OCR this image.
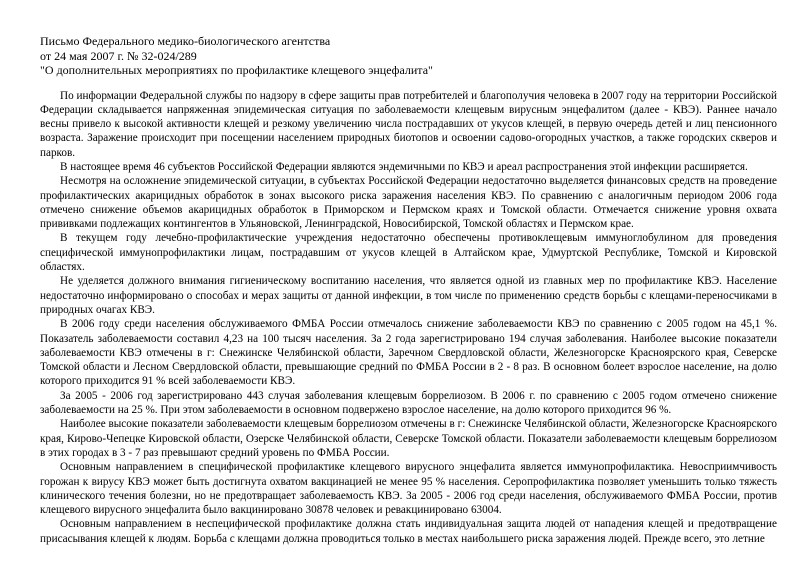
Письмо Федерального медико-биологического агентства
от 24 мая 2007 г. № 32-024/289
"О дополнительных мероприятиях по профилактике клещевого энцефалита"

По информации Федеральной службы по надзору в сфере защиты прав потребителей и благополучия человека в 2007 году на территории Российской Федерации складывается напряженная эпидемическая ситуация по заболеваемости клещевым вирусным энцефалитом (далее - КВЭ). Раннее начало весны привело к высокой активности клещей и резкому увеличению числа пострадавших от укусов клещей, в первую очередь детей и лиц пенсионного возраста. Заражение происходит при посещении населением природных биотопов и освоении садово-огородных участков, а также городских скверов и парков.

В настоящее время 46 субъектов Российской Федерации являются эндемичными по КВЭ и ареал распространения этой инфекции расширяется.

Несмотря на осложнение эпидемической ситуации, в субъектах Российской Федерации недостаточно выделяется финансовых средств на проведение профилактических акарицидных обработок в зонах высокого риска заражения населения КВЭ. По сравнению с аналогичным периодом 2006 года отмечено снижение объемов акарицидных обработок в Приморском и Пермском краях и Томской области. Отмечается снижение уровня охвата прививками подлежащих контингентов в Ульяновской, Ленинградской, Новосибирской, Томской областях и Пермском крае.

В текущем году лечебно-профилактические учреждения недостаточно обеспечены противоклещевым иммуноглобулином для проведения специфической иммунопрофилактики лицам, пострадавшим от укусов клещей в Алтайском крае, Удмуртской Республике, Томской и Кировской областях.

Не уделяется должного внимания гигиеническому воспитанию населения, что является одной из главных мер по профилактике КВЭ. Население недостаточно информировано о способах и мерах защиты от данной инфекции, в том числе по применению средств борьбы с клещами-переносчиками в природных очагах КВЭ.

В 2006 году среди населения обслуживаемого ФМБА России отмечалось снижение заболеваемости КВЭ по сравнению с 2005 годом на 45,1 %. Показатель заболеваемости составил 4,23 на 100 тысяч населения. За 2 года зарегистрировано 194 случая заболевания. Наиболее высокие показатели заболеваемости КВЭ отмечены в г: Снежинске Челябинской области, Заречном Свердловской области, Железногорске Красноярского края, Северске Томской области и Лесном Свердловской области, превышающие средний по ФМБА России в 2 - 8 раз. В основном болеет взрослое население, на долю которого приходится 91 % всей заболеваемости КВЭ.

За 2005 - 2006 год зарегистрировано 443 случая заболевания клещевым боррелиозом. В 2006 г. по сравнению с 2005 годом отмечено снижение заболеваемости на 25 %. При этом заболеваемости в основном подвержено взрослое население, на долю которого приходится 96 %.

Наиболее высокие показатели заболеваемости клещевым боррелиозом отмечены в г: Снежинске Челябинской области, Железногорске Красноярского края, Кирово-Чепецке Кировской области, Озерске Челябинской области, Северске Томской области. Показатели заболеваемости клещевым боррелиозом в этих городах в 3 - 7 раз превышают средний уровень по ФМБА России.

Основным направлением в специфической профилактике клещевого вирусного энцефалита является иммунопрофилактика. Невосприимчивость горожан к вирусу КВЭ может быть достигнута охватом вакцинацией не менее 95 % населения. Серопрофилактика позволяет уменьшить только тяжесть клинического течения болезни, но не предотвращает заболеваемость КВЭ. За 2005 - 2006 год среди населения, обслуживаемого ФМБА России, против клещевого вирусного энцефалита было вакцинировано 30878 человек и ревакцинировано 63004.

Основным направлением в неспецифической профилактике должна стать индивидуальная защита людей от нападения клещей и предотвращение присасывания клещей к людям. Борьба с клещами должна проводиться только в местах наибольшего риска заражения людей. Прежде всего, это летние
